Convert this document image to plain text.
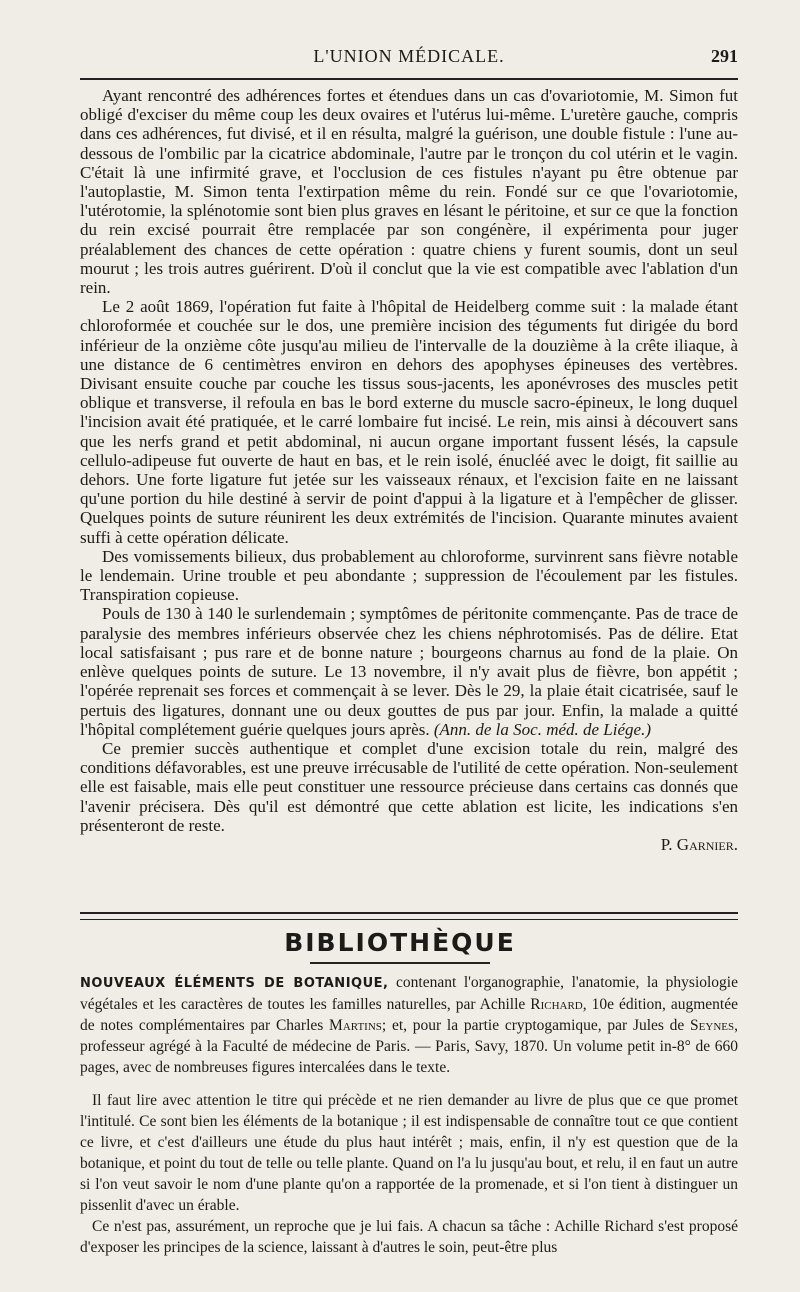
L'UNION MÉDICALE.	291

Ayant rencontré des adhérences fortes et étendues dans un cas d'ovariotomie, M. Simon fut obligé d'exciser du même coup les deux ovaires et l'utérus lui-même. L'uretère gauche, compris dans ces adhérences, fut divisé, et il en résulta, malgré la guérison, une double fistule : l'une au-dessous de l'ombilic par la cicatrice abdominale, l'autre par le tronçon du col utérin et le vagin. C'était là une infirmité grave, et l'occlusion de ces fistules n'ayant pu être obtenue par l'autoplastie, M. Simon tenta l'extirpation même du rein. Fondé sur ce que l'ovariotomie, l'utérotomie, la splénotomie sont bien plus graves en lésant le péritoine, et sur ce que la fonction du rein excisé pourrait être remplacée par son congénère, il expérimenta pour juger préalablement des chances de cette opération : quatre chiens y furent soumis, dont un seul mourut ; les trois autres guérirent. D'où il conclut que la vie est compatible avec l'ablation d'un rein.

Le 2 août 1869, l'opération fut faite à l'hôpital de Heidelberg comme suit : la malade étant chloroformée et couchée sur le dos, une première incision des téguments fut dirigée du bord inférieur de la onzième côte jusqu'au milieu de l'intervalle de la douzième à la crête iliaque, à une distance de 6 centimètres environ en dehors des apophyses épineuses des vertèbres. Divisant ensuite couche par couche les tissus sous-jacents, les aponévroses des muscles petit oblique et transverse, il refoula en bas le bord externe du muscle sacro-épineux, le long duquel l'incision avait été pratiquée, et le carré lombaire fut incisé. Le rein, mis ainsi à découvert sans que les nerfs grand et petit abdominal, ni aucun organe important fussent lésés, la capsule cellulo-adipeuse fut ouverte de haut en bas, et le rein isolé, énucléé avec le doigt, fit saillie au dehors. Une forte ligature fut jetée sur les vaisseaux rénaux, et l'excision faite en ne laissant qu'une portion du hile destiné à servir de point d'appui à la ligature et à l'empêcher de glisser. Quelques points de suture réunirent les deux extrémités de l'incision. Quarante minutes avaient suffi à cette opération délicate.

Des vomissements bilieux, dus probablement au chloroforme, survinrent sans fièvre notable le lendemain. Urine trouble et peu abondante ; suppression de l'écoulement par les fistules. Transpiration copieuse.

Pouls de 130 à 140 le surlendemain ; symptômes de péritonite commençante. Pas de trace de paralysie des membres inférieurs observée chez les chiens néphrotomisés. Pas de délire. Etat local satisfaisant ; pus rare et de bonne nature ; bourgeons charnus au fond de la plaie. On enlève quelques points de suture. Le 13 novembre, il n'y avait plus de fièvre, bon appétit ; l'opérée reprenait ses forces et commençait à se lever. Dès le 29, la plaie était cicatrisée, sauf le pertuis des ligatures, donnant une ou deux gouttes de pus par jour. Enfin, la malade a quitté l'hôpital complétement guérie quelques jours après. (Ann. de la Soc. méd. de Liége.)

Ce premier succès authentique et complet d'une excision totale du rein, malgré des conditions défavorables, est une preuve irrécusable de l'utilité de cette opération. Non-seulement elle est faisable, mais elle peut constituer une ressource précieuse dans certains cas donnés que l'avenir précisera. Dès qu'il est démontré que cette ablation est licite, les indications s'en présenteront de reste.

P. Garnier.
BIBLIOTHÈQUE

NOUVEAUX ÉLÉMENTS DE BOTANIQUE, contenant l'organographie, l'anatomie, la physiologie végétales et les caractères de toutes les familles naturelles, par Achille Richard, 10e édition, augmentée de notes complémentaires par Charles Martins; et, pour la partie cryptogamique, par Jules de Seynes, professeur agrégé à la Faculté de médecine de Paris. — Paris, Savy, 1870. Un volume petit in-8° de 660 pages, avec de nombreuses figures intercalées dans le texte.

Il faut lire avec attention le titre qui précède et ne rien demander au livre de plus que ce que promet l'intitulé. Ce sont bien les éléments de la botanique ; il est indispensable de connaître tout ce que contient ce livre, et c'est d'ailleurs une étude du plus haut intérêt ; mais, enfin, il n'y est question que de la botanique, et point du tout de telle ou telle plante. Quand on l'a lu jusqu'au bout, et relu, il en faut un autre si l'on veut savoir le nom d'une plante qu'on a rapportée de la promenade, et si l'on tient à distinguer un pissenlit d'avec un érable.

Ce n'est pas, assurément, un reproche que je lui fais. A chacun sa tâche : Achille Richard s'est proposé d'exposer les principes de la science, laissant à d'autres le soin, peut-être plus
